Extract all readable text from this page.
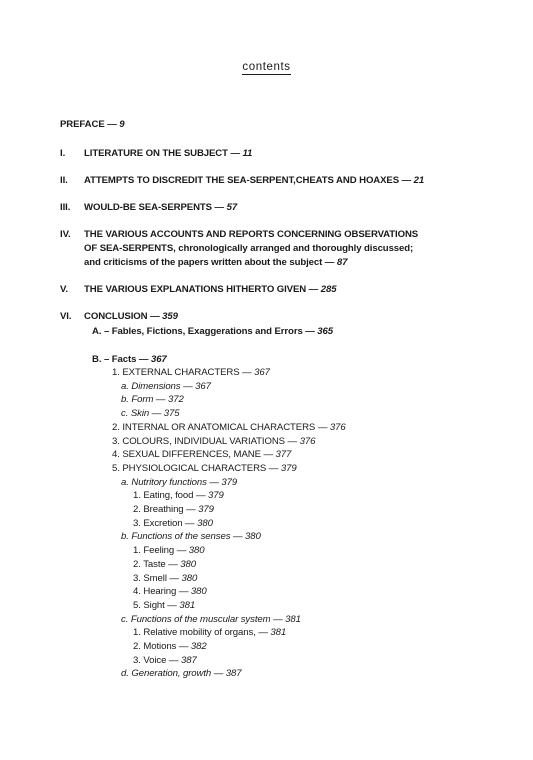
contents
PREFACE — 9
I. LITERATURE ON THE SUBJECT — 11
II. ATTEMPTS TO DISCREDIT THE SEA-SERPENT,CHEATS AND HOAXES — 21
III. WOULD-BE SEA-SERPENTS — 57
IV. THE VARIOUS ACCOUNTS AND REPORTS CONCERNING OBSERVATIONS
OF SEA-SERPENTS, chronologically arranged and thoroughly discussed;
and criticisms of the papers written about the subject — 87
V. THE VARIOUS EXPLANATIONS HITHERTO GIVEN — 285
VI. CONCLUSION — 359
A. – Fables, Fictions, Exaggerations and Errors — 365
B. – Facts — 367
1. EXTERNAL CHARACTERS — 367
a. Dimensions — 367
b. Form — 372
c. Skin — 375
2. INTERNAL OR ANATOMICAL CHARACTERS — 376
3. COLOURS, INDIVIDUAL VARIATIONS — 376
4. SEXUAL DIFFERENCES, MANE — 377
5. PHYSIOLOGICAL CHARACTERS — 379
a. Nutritory functions — 379
1. Eating, food — 379
2. Breathing — 379
3. Excretion — 380
b. Functions of the senses — 380
1. Feeling — 380
2. Taste — 380
3. Smell — 380
4. Hearing — 380
5. Sight — 381
c. Functions of the muscular system — 381
1. Relative mobility of organs, — 381
2. Motions — 382
3. Voice — 387
d. Generation, growth — 387
